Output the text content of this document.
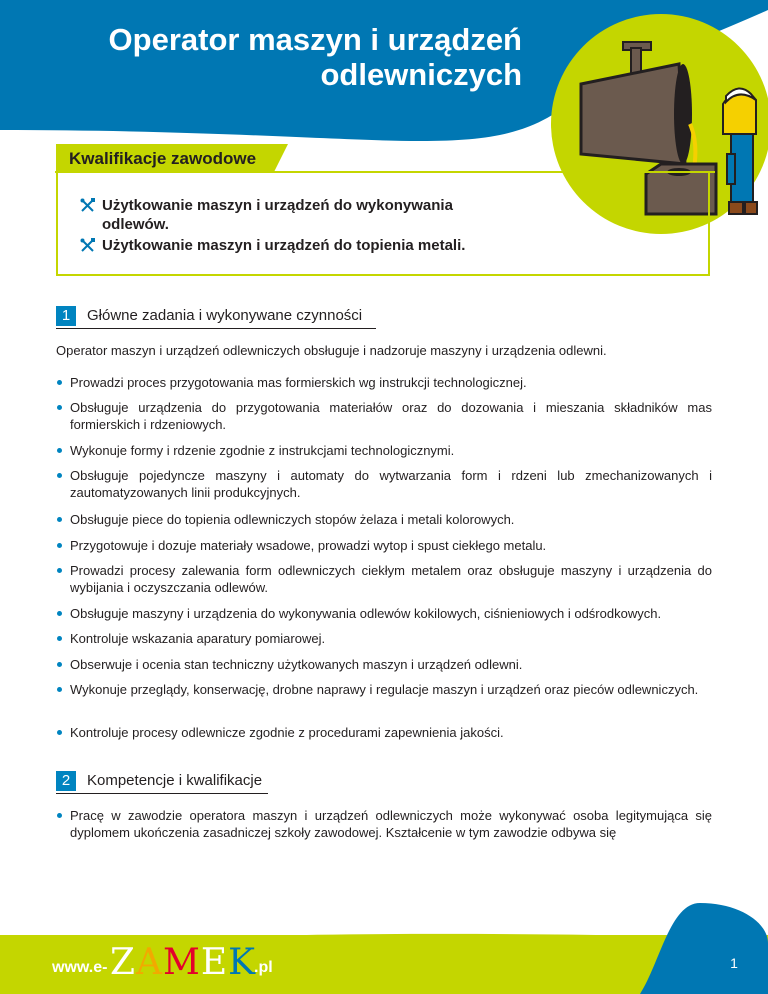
Operator maszyn i urządzeń
odlewniczych
Kwalifikacje zawodowe
Użytkowanie maszyn i urządzeń do wykonywania odlewów.
Użytkowanie maszyn i urządzeń do topienia metali.
1	Główne zadania i wykonywane czynności
Operator maszyn i urządzeń odlewniczych obsługuje i nadzoruje maszyny i urządzenia odlewni.
Prowadzi proces przygotowania mas formierskich wg instrukcji technologicznej.
Obsługuje urządzenia do przygotowania materiałów oraz do dozowania i mieszania składników mas formierskich i rdzeniowych.
Wykonuje formy i rdzenie zgodnie z instrukcjami technologicznymi.
Obsługuje pojedyncze maszyny i automaty do wytwarzania form i rdzeni lub zmechanizowanych i zautomatyzowanych linii produkcyjnych.
Obsługuje piece do topienia odlewniczych stopów żelaza i metali kolorowych.
Przygotowuje i dozuje materiały wsadowe, prowadzi wytop i spust ciekłego metalu.
Prowadzi procesy zalewania form odlewniczych ciekłym metalem oraz obsługuje maszyny i urządzenia do wybijania i oczyszczania odlewów.
Obsługuje maszyny i urządzenia do wykonywania odlewów kokilowych, ciśnieniowych i odśrodkowych.
Kontroluje wskazania aparatury pomiarowej.
Obserwuje i ocenia stan techniczny użytkowanych maszyn i urządzeń odlewni.
Wykonuje przeglądy, konserwację, drobne naprawy i regulacje maszyn i urządzeń oraz pieców odlewniczych.
Kontroluje procesy odlewnicze zgodnie z procedurami zapewnienia jakości.
2	Kompetencje i kwalifikacje
Pracę w zawodzie operatora maszyn i urządzeń odlewniczych może wykonywać osoba legitymująca się dyplomem ukończenia zasadniczej szkoły zawodowej. Kształcenie w tym zawodzie odbywa się
1
www.e- ZAMEK
.pl
